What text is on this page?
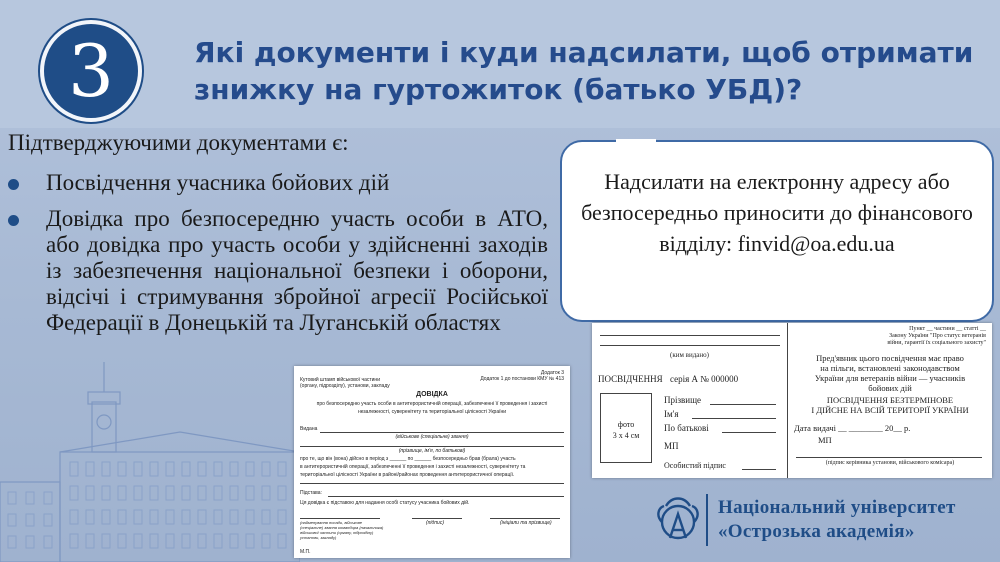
3	Які документи і куди надсилати, щоб отримати знижку на гуртожиток (батько УБД)?
Підтверджуючими документами є:
Посвідчення учасника бойових дій
Довідка про безпосередню участь особи в АТО, або довідка про участь особи у здійсненні заходів із забезпечення національної безпеки і оборони, відсічі і стримування збройної агресії Російської Федерації в Донецькій та Луганській областях
Надсилати на електронну адресу або безпосередньо приносити до фінансового відділу: finvid@oa.edu.ua
Додаток 3
Додаток 1 до постанови КМУ № 413
Кутовий штамп військової частини
(органу, підрозділу), установи, закладу
ДОВІДКА
про безпосередню участь особи в антитерористичній операції, забезпеченні її проведення і захисті
незалежності, суверенітету та територіальної цілісності України
Видана
(військове (спеціальне) звання)
(прізвище, ім'я, по батькові)
про те, що він (вона) дійсно в період з ______ по ______ безпосередньо брав (брала) участь
в антитерористичній операції, забезпеченні її проведення і захисті незалежності, суверенітету та
територіальної цілісності України в районі/районах проведення антитерористичної операції.
Підстава:
Ця довідка є підставою для надання особі статусу учасника бойових дій.
(найменування посади, військове (спеціальне) звання командира (начальника) військової частини (органу, підрозділу) установи, закладу)
(підпис)	(ініціали та прізвище)
М.П.
(ким видано)
ПОСВІДЧЕННЯ серія А № 000000
фото
3 х 4 см
Прізвище
Ім'я
По батькові
МП
Особистий підпис
Пункт __ частини __ статті __
Закону України "Про статус ветеранів
війни, гарантії їх соціального захисту"
Пред'явник цього посвідчення має право
на пільги, встановлені законодавством
України для ветеранів війни — учасників
бойових дій
ПОСВІДЧЕННЯ БЕЗТЕРМІНОВЕ
І ДІЙСНЕ НА ВСІЙ ТЕРИТОРІЇ УКРАЇНИ
Дата видачі __ ________ 20__ р.
МП
(підпис керівника установи, військового комісара)
Національний університет
«Острозька академія»
